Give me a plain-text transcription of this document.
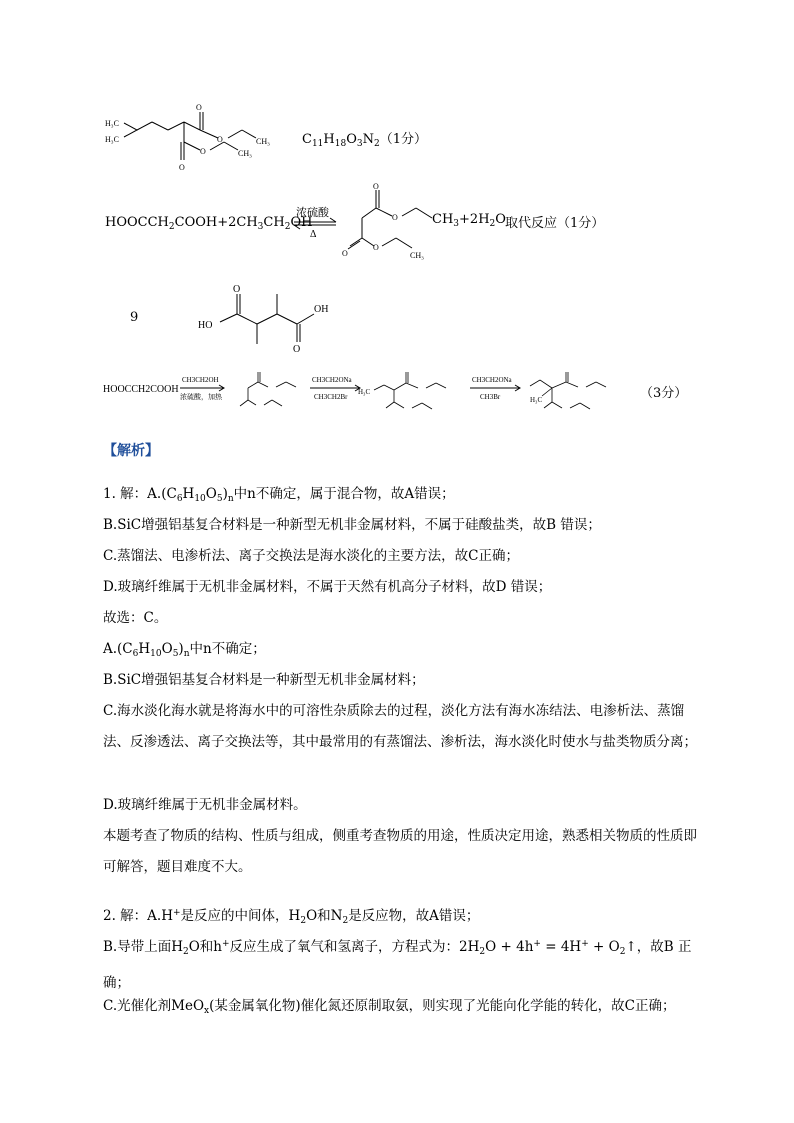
H₃C
H₃C
O
O	CH₃
O
O	CH₃
$C_{11}H_{18}O_3N_2(1$分）
$HOOCCH_2COOH+2CH_3CH_2OH$
浓硫酸
Δ
O
O
O
O
CH₃
$CH_3+2H_2O$ 取代反应（1分）
9
O
HO
OH
O
HOOCCH2COOH
CH3CH2OH
浓硫酸，加热
CH3CH2ONa
CH3CH2Br
H₃C
CH3CH2ONa
CH3Br	H₃C	（3分）
【解析】
1. 解：$A.(C_6H_{10}O_5)_n$中n不确定，属于混合物，故A错误；
B.SiC增强铝基复合材料是一种新型无机非金属材料，不属于硅酸盐类，故B 错误；
C.蒸馏法、电渗析法、离子交换法是海水淡化的主要方法，故C正确；
D.玻璃纤维属于无机非金属材料，不属于天然有机高分子材料，故D 错误；
故选：C。
$A.(C_6H_{10}O_5)_n$中n不确定；
B.SiC增强铝基复合材料是一种新型无机非金属材料；
C.海水淡化海水就是将海水中的可溶性杂质除去的过程，淡化方法有海水冻结法、电渗析法、蒸馏法、反渗透法、离子交换法等，其中最常用的有蒸馏法、渗析法，海水淡化时使水与盐类物质分离；
D.玻璃纤维属于无机非金属材料。
本题考查了物质的结构、性质与组成，侧重考查物质的用途，性质决定用途，熟悉相关物质的性质即可解答，题目难度不大。
2. 解：A.H+是反应的中间体，$H_2O$和$N_2$是反应物，故A错误；
B.导带上面$H_2O$和h+反应生成了氧气和氢离子，方程式为：$2H_2O + 4h^+ = 4H^+$ + $O_2↑$，故B 正确；
C.光催化剂MeO$_x$(某金属氧化物)催化氮还原制取氨，则实现了光能向化学能的转化，故C正确；
